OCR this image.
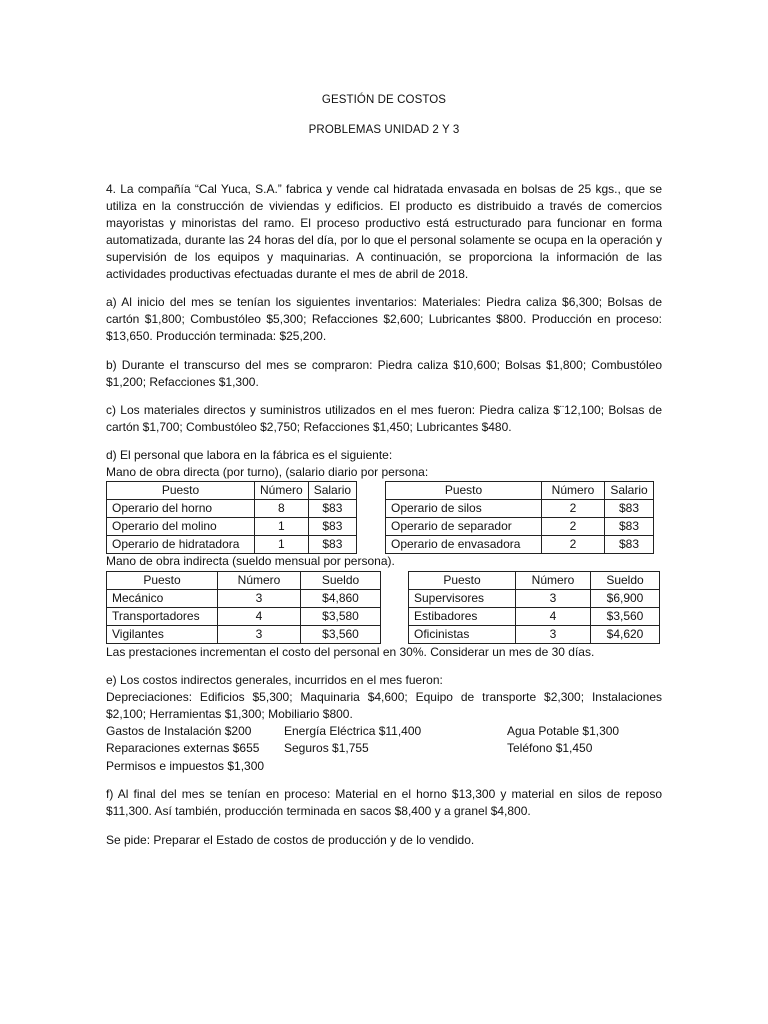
GESTIÓN DE COSTOS
PROBLEMAS UNIDAD 2 Y 3
4. La compañía “Cal Yuca, S.A.” fabrica y vende cal hidratada envasada en bolsas de 25 kgs., que se utiliza en la construcción de viviendas y edificios. El producto es distribuido a través de comercios mayoristas y minoristas del ramo. El proceso productivo está estructurado para funcionar en forma automatizada, durante las 24 horas del día, por lo que el personal solamente se ocupa en la operación y supervisión de los equipos y maquinarias. A continuación, se proporciona la información de las actividades productivas efectuadas durante el mes de abril de 2018.
a) Al inicio del mes se tenían los siguientes inventarios: Materiales: Piedra caliza $6,300; Bolsas de cartón $1,800; Combustóleo $5,300; Refacciones $2,600; Lubricantes $800. Producción en proceso: $13,650. Producción terminada: $25,200.
b) Durante el transcurso del mes se compraron: Piedra caliza $10,600; Bolsas $1,800; Combustóleo $1,200; Refacciones $1,300.
c) Los materiales directos y suministros utilizados en el mes fueron: Piedra caliza $¨12,100; Bolsas de cartón $1,700; Combustóleo $2,750; Refacciones $1,450; Lubricantes $480.
d) El personal que labora en la fábrica es el siguiente:
Mano de obra directa (por turno), (salario diario por persona:
Puesto	Número	Salario
Operario del horno	8	$83
Operario del molino	1	$83
Operario de hidratadora	1	$83
Puesto	Número	Salario
Operario de silos	2	$83
Operario de separador	2	$83
Operario de envasadora	2	$83
Mano de obra indirecta (sueldo mensual por persona).
Puesto	Número	Sueldo
Mecánico	3	$4,860
Transportadores	4	$3,580
Vigilantes	3	$3,560
Puesto	Número	Sueldo
Supervisores	3	$6,900
Estibadores	4	$3,560
Oficinistas	3	$4,620
Las prestaciones incrementan el costo del personal en 30%. Considerar un mes de 30 días.
e) Los costos indirectos generales, incurridos en el mes fueron:
Depreciaciones: Edificios $5,300; Maquinaria $4,600; Equipo de transporte $2,300; Instalaciones $2,100; Herramientas $1,300; Mobiliario $800.
Gastos de Instalación $200	Energía Eléctrica $11,400	Agua Potable $1,300
Reparaciones externas $655 Seguros $1,755	Teléfono $1,450
Permisos e impuestos $1,300
f) Al final del mes se tenían en proceso: Material en el horno $13,300 y material en silos de reposo $11,300. Así también, producción terminada en sacos $8,400 y a granel $4,800.
Se pide: Preparar el Estado de costos de producción y de lo vendido.
